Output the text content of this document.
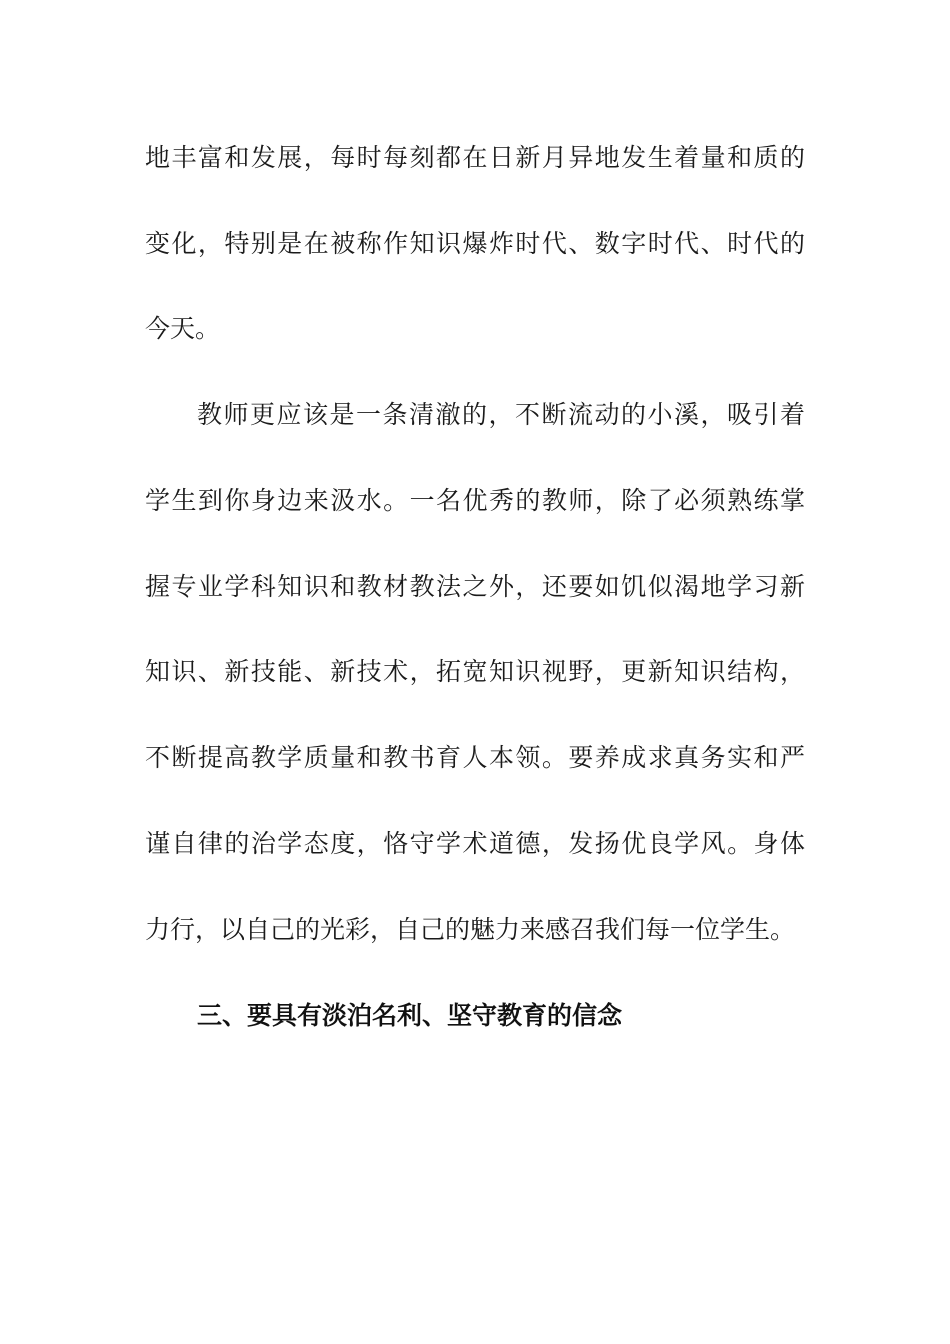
地丰富和发展，每时每刻都在日新月异地发生着量和质的
变化，特别是在被称作知识爆炸时代、数字时代、时代的
今天。
教师更应该是一条清澈的，不断流动的小溪，吸引着
学生到你身边来汲水。一名优秀的教师，除了必须熟练掌
握专业学科知识和教材教法之外，还要如饥似渴地学习新
知识、新技能、新技术，拓宽知识视野，更新知识结构，
不断提高教学质量和教书育人本领。要养成求真务实和严
谨自律的治学态度，恪守学术道德，发扬优良学风。身体
力行，以自己的光彩，自己的魅力来感召我们每一位学生。
三、要具有淡泊名利、坚守教育的信念
